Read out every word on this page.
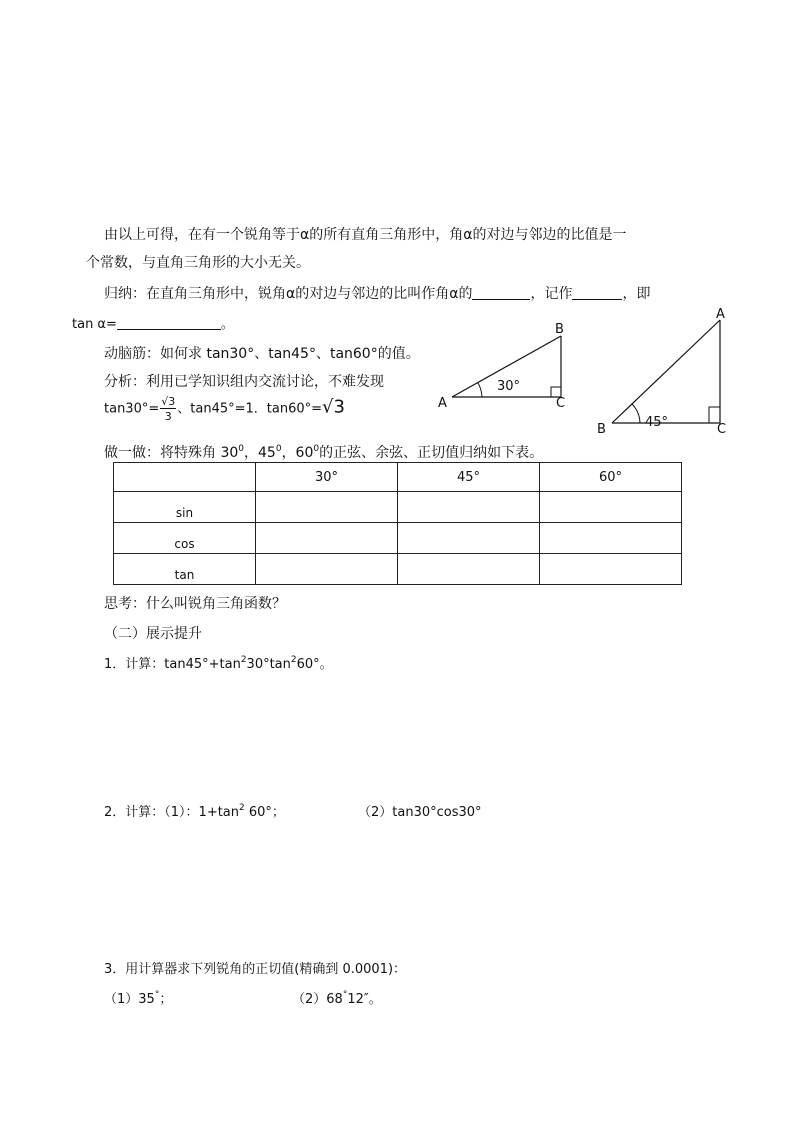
由以上可得，在有一个锐角等于α的所有直角三角形中，角α的对边与邻边的比值是一
个常数，与直角三角形的大小无关。
归纳：在直角三角形中，锐角α的对边与邻边的比叫作角α的	，记作	，即
tan α=	。
动脑筋：如何求 tan30°、tan45°、tan60°的值。
分析：利用已学知识组内交流讨论，不难发现
$\tan 30^\circ= \frac{√3}{3}$ 、tan45°=1．tan60°=√3
B
A	C
30°
A
B	C
45°
做一做：将特殊角 $30^0$，$45^0$，$60^0$的正弦、余弦、正切值归纳如下表。
	30°	45°	60°
sin			
cos			
tan			
思考：什么叫锐角三角函数？
（二）展示提升
1．计算：$\tan 45^\circ+\tan^230^\circ\tan^260^\circ$。
2．计算：（1）：$1+\tan^2$ 60°；	（2）tan30°cos30°
3．用计算器求下列锐角的正切值(精确到 0.0001)：
（1）35°；	（2）68°12″。
